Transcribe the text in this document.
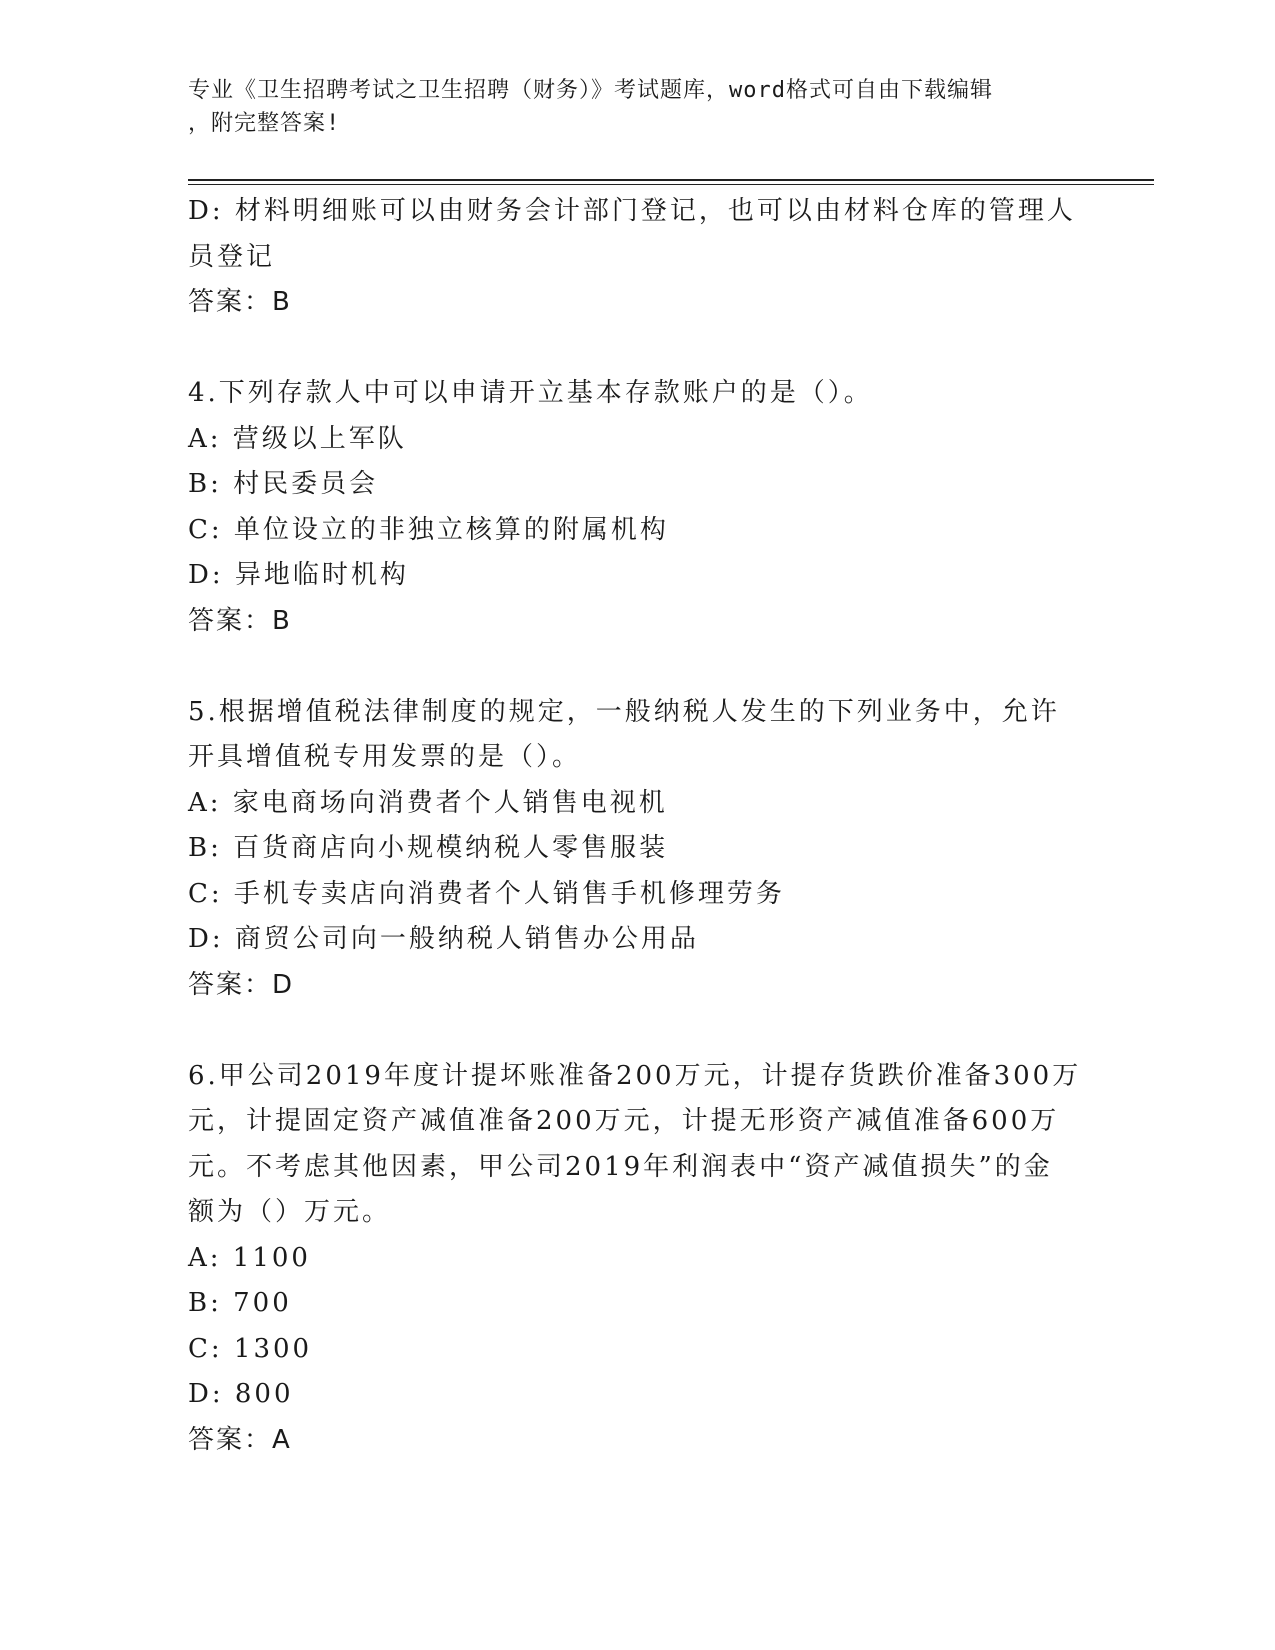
专业《卫生招聘考试之卫生招聘（财务）》考试题库，word格式可自由下载编辑
，附完整答案!
D: 材料明细账可以由财务会计部门登记，也可以由材料仓库的管理人
员登记
答案：B
4.下列存款人中可以申请开立基本存款账户的是（）。
A: 营级以上军队
B: 村民委员会
C: 单位设立的非独立核算的附属机构
D: 异地临时机构
答案：B
5.根据增值税法律制度的规定，一般纳税人发生的下列业务中，允许
开具增值税专用发票的是（）。
A: 家电商场向消费者个人销售电视机
B: 百货商店向小规模纳税人零售服装
C: 手机专卖店向消费者个人销售手机修理劳务
D: 商贸公司向一般纳税人销售办公用品
答案：D
6.甲公司2019年度计提坏账准备200万元，计提存货跌价准备300万
元，计提固定资产减值准备200万元，计提无形资产减值准备600万
元。不考虑其他因素，甲公司2019年利润表中“资产减值损失”的金
额为（）万元。
A: 1100
B: 700
C: 1300
D: 800
答案：A
